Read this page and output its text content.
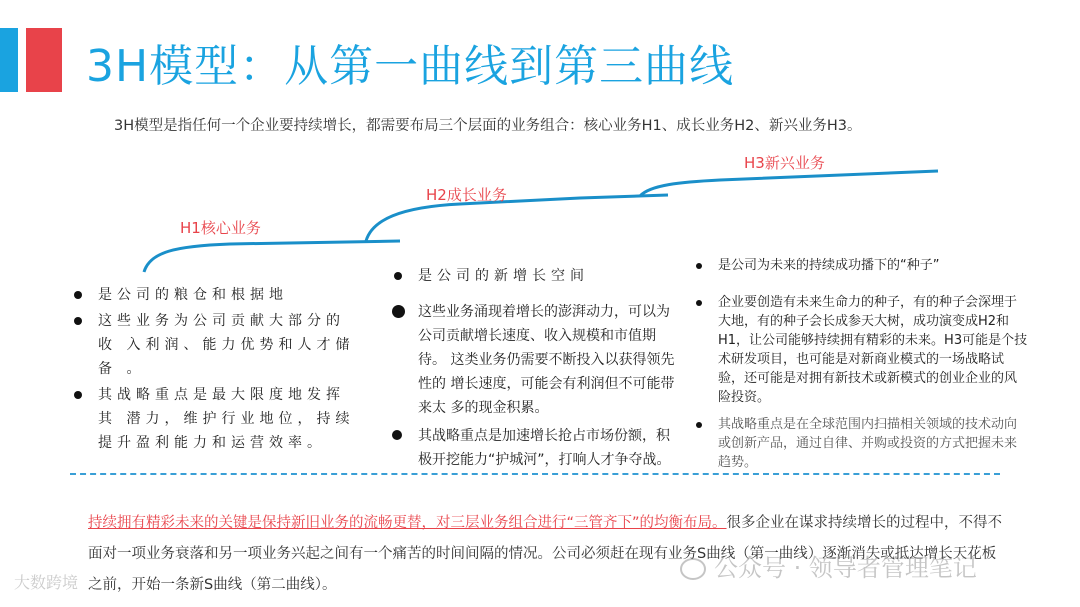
3H模型：从第一曲线到第三曲线
3H模型是指任何一个企业要持续增长，都需要布局三个层面的业务组合：核心业务H1、成长业务H2、新兴业务H3。
H1核心业务
H2成长业务
H3新兴业务
是公司的粮仓和根据地
这些业务为公司贡献大部分的收 入利润、能力优势和人才储备 。
其战略重点是最大限度地发挥其 潜力，维护行业地位，持续提升盈利能力和运营效率。
是公司的新增长空间
这些业务涌现着增长的澎湃动力，可以为公司贡献增长速度、收入规模和市值期待。 这类业务仍需要不断投入以获得领先性的 增长速度，可能会有利润但不可能带来太 多的现金积累。
其战略重点是加速增长抢占市场份额，积极开挖能力“护城河”，打响人才争夺战。
是公司为未来的持续成功播下的“种子”
企业要创造有未来生命力的种子，有的种子会深埋于大地，有的种子会长成参天大树，成功演变成H2和H1，让公司能够持续拥有精彩的未来。H3可能是个技术研发项目，也可能是对新商业模式的一场战略试验，还可能是对拥有新技术或新模式的创业企业的风险投资。
其战略重点是在全球范围内扫描相关领域的技术动向或创新产品，通过自律、并购或投资的方式把握未来趋势。
持续拥有精彩未来的关键是保持新旧业务的流畅更替，对三层业务组合进行“三管齐下”的均衡布局。很多企业在谋求持续增长的过程中，不得不面对一项业务衰落和另一项业务兴起之间有一个痛苦的时间间隔的情况。公司必须赶在现有业务S曲线（第一曲线）逐渐消失或抵达增长天花板之前，开始一条新S曲线（第二曲线）。
大数跨境
公众号 · 领导者管理笔记
